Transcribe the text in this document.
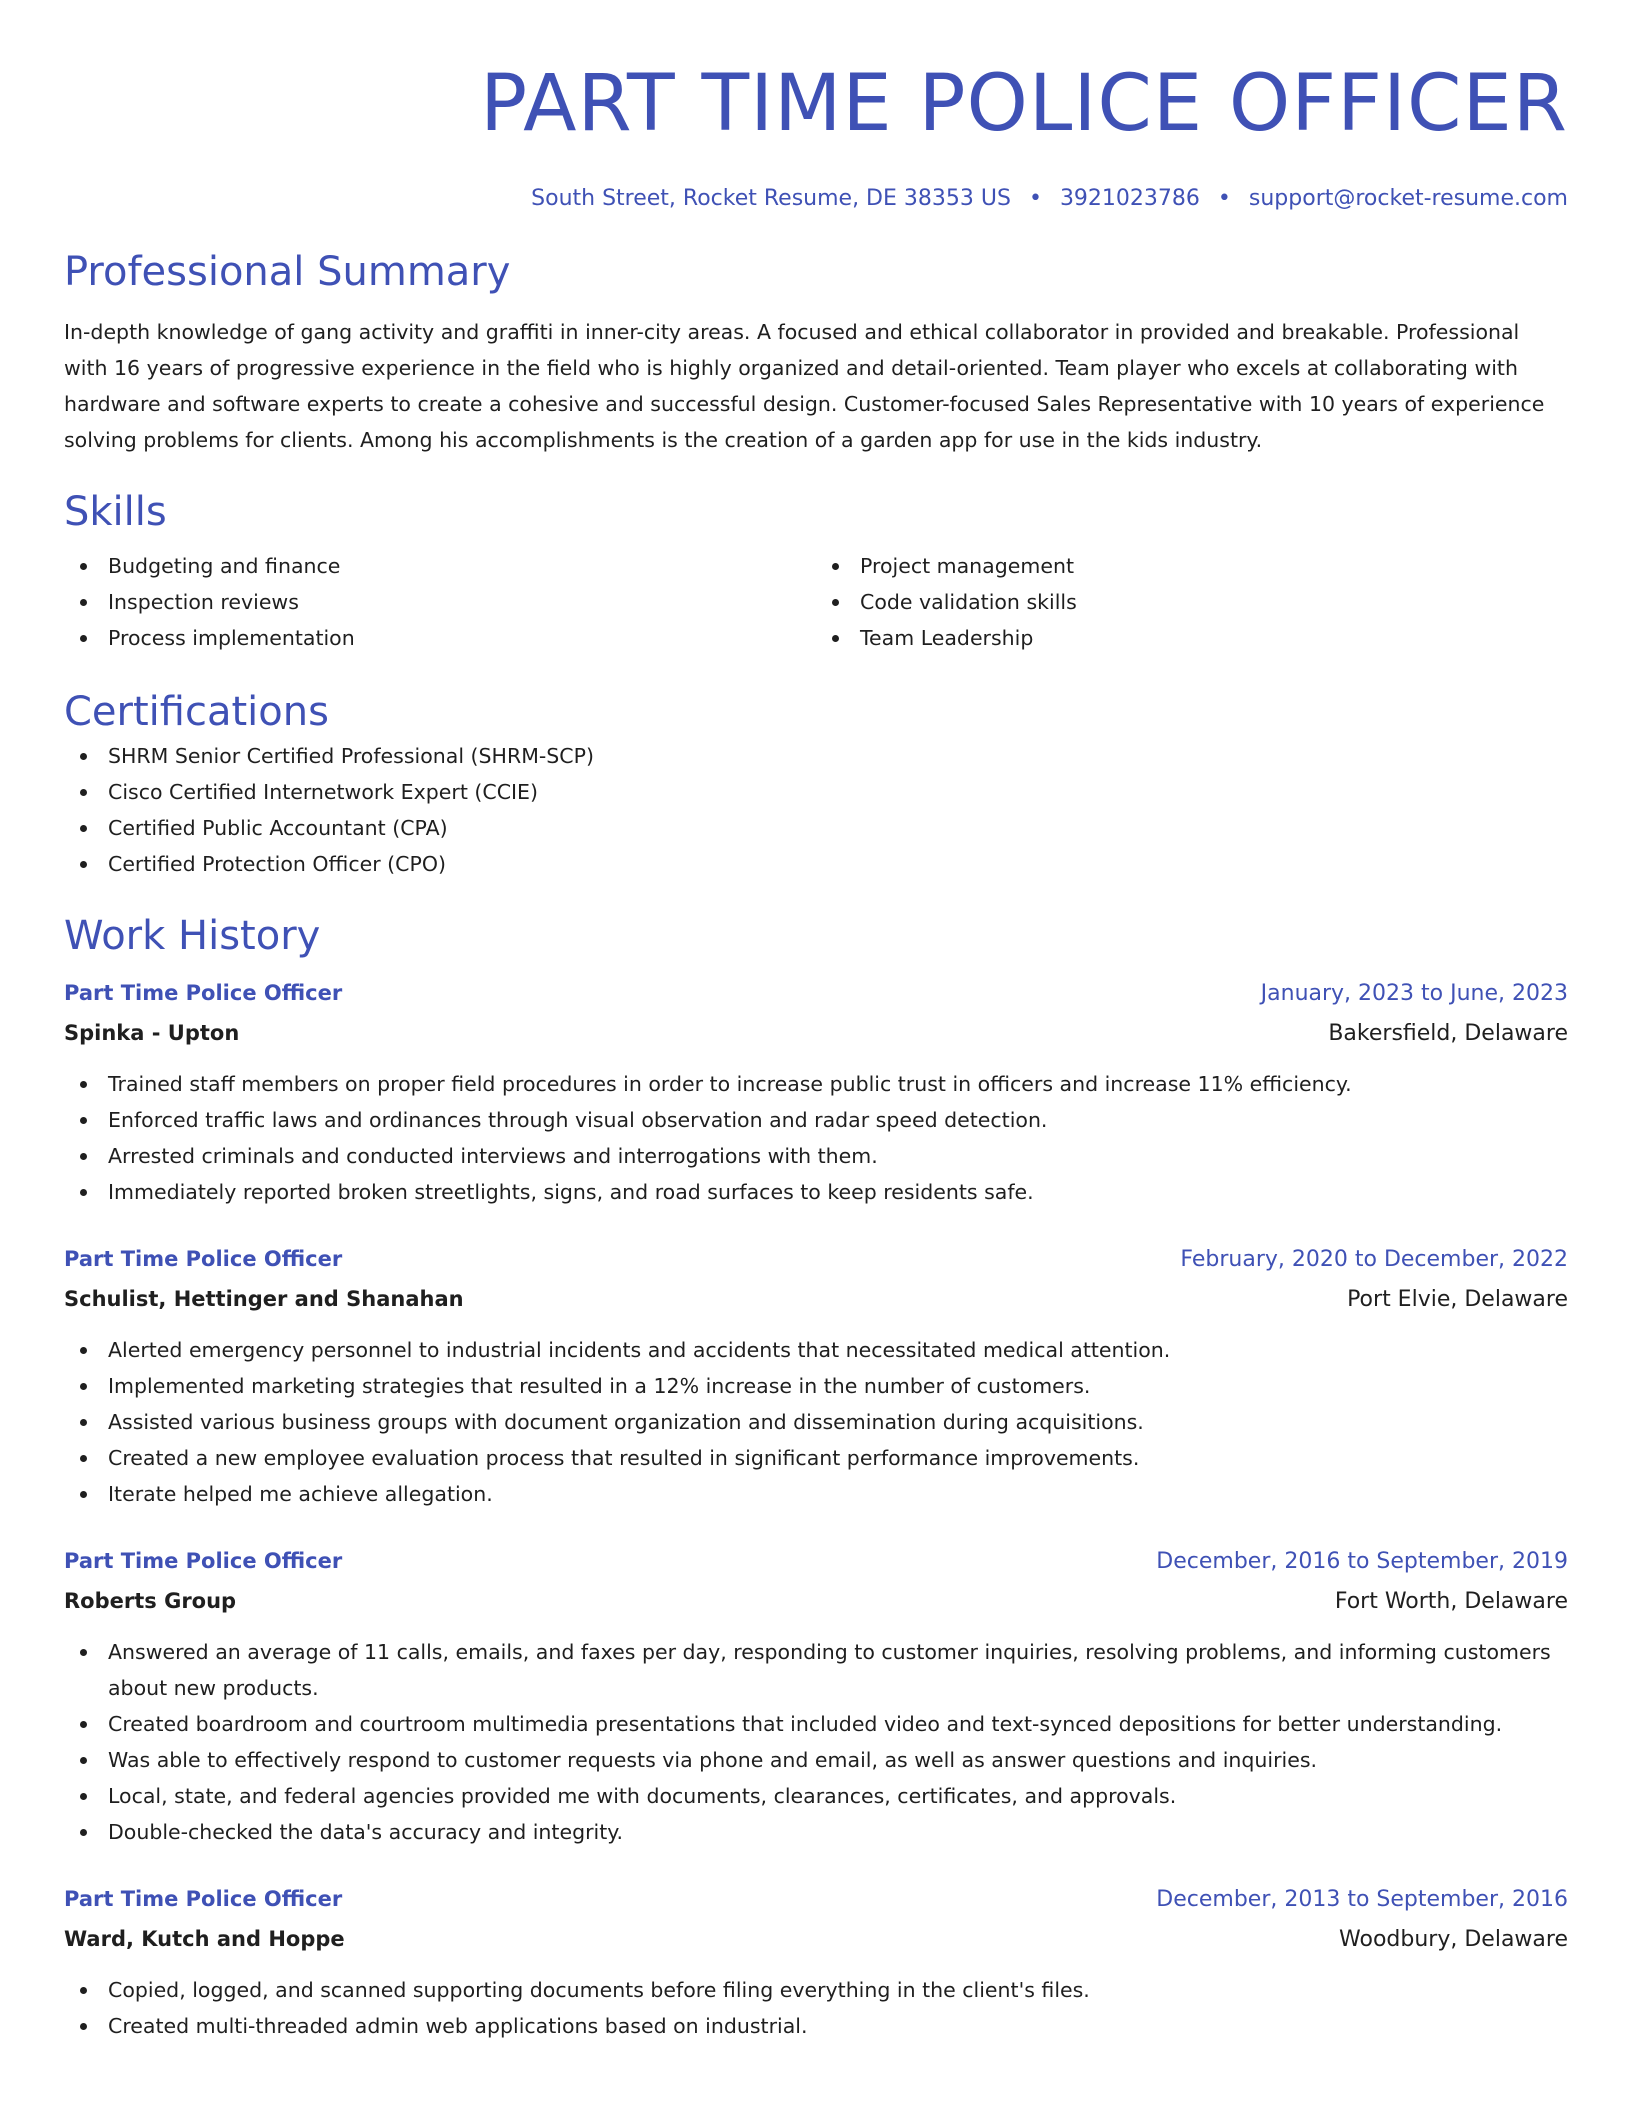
PART TIME POLICE OFFICER
South Street, Rocket Resume, DE 38353 US • 3921023786 • support@rocket-resume.com
Professional Summary

In-depth knowledge of gang activity and graffiti in inner-city areas. A focused and ethical collaborator in provided and breakable. Professional with 16 years of progressive experience in the field who is highly organized and detail-oriented. Team player who excels at collaborating with hardware and software experts to create a cohesive and successful design. Customer-focused Sales Representative with 10 years of experience solving problems for clients. Among his accomplishments is the creation of a garden app for use in the kids industry.

Skills
Budgeting and finance
Inspection reviews
Process implementation
Project management
Code validation skills
Team Leadership
Certifications
SHRM Senior Certified Professional (SHRM-SCP)
Cisco Certified Internetwork Expert (CCIE)
Certified Public Accountant (CPA)
Certified Protection Officer (CPO)
Work History
Part Time Police Officer	January, 2023 to June, 2023
Spinka - Upton	Bakersfield, Delaware
Trained staff members on proper field procedures in order to increase public trust in officers and increase 11% efficiency.
Enforced traffic laws and ordinances through visual observation and radar speed detection.
Arrested criminals and conducted interviews and interrogations with them.
Immediately reported broken streetlights, signs, and road surfaces to keep residents safe.
Part Time Police Officer	February, 2020 to December, 2022
Schulist, Hettinger and Shanahan	Port Elvie, Delaware
Alerted emergency personnel to industrial incidents and accidents that necessitated medical attention.
Implemented marketing strategies that resulted in a 12% increase in the number of customers.
Assisted various business groups with document organization and dissemination during acquisitions.
Created a new employee evaluation process that resulted in significant performance improvements.
Iterate helped me achieve allegation.
Part Time Police Officer	December, 2016 to September, 2019
Roberts Group	Fort Worth, Delaware
Answered an average of 11 calls, emails, and faxes per day, responding to customer inquiries, resolving problems, and informing customers about new products.
Created boardroom and courtroom multimedia presentations that included video and text-synced depositions for better understanding.
Was able to effectively respond to customer requests via phone and email, as well as answer questions and inquiries.
Local, state, and federal agencies provided me with documents, clearances, certificates, and approvals.
Double-checked the data's accuracy and integrity.
Part Time Police Officer	December, 2013 to September, 2016
Ward, Kutch and Hoppe	Woodbury, Delaware
Copied, logged, and scanned supporting documents before filing everything in the client's files.
Created multi-threaded admin web applications based on industrial.
